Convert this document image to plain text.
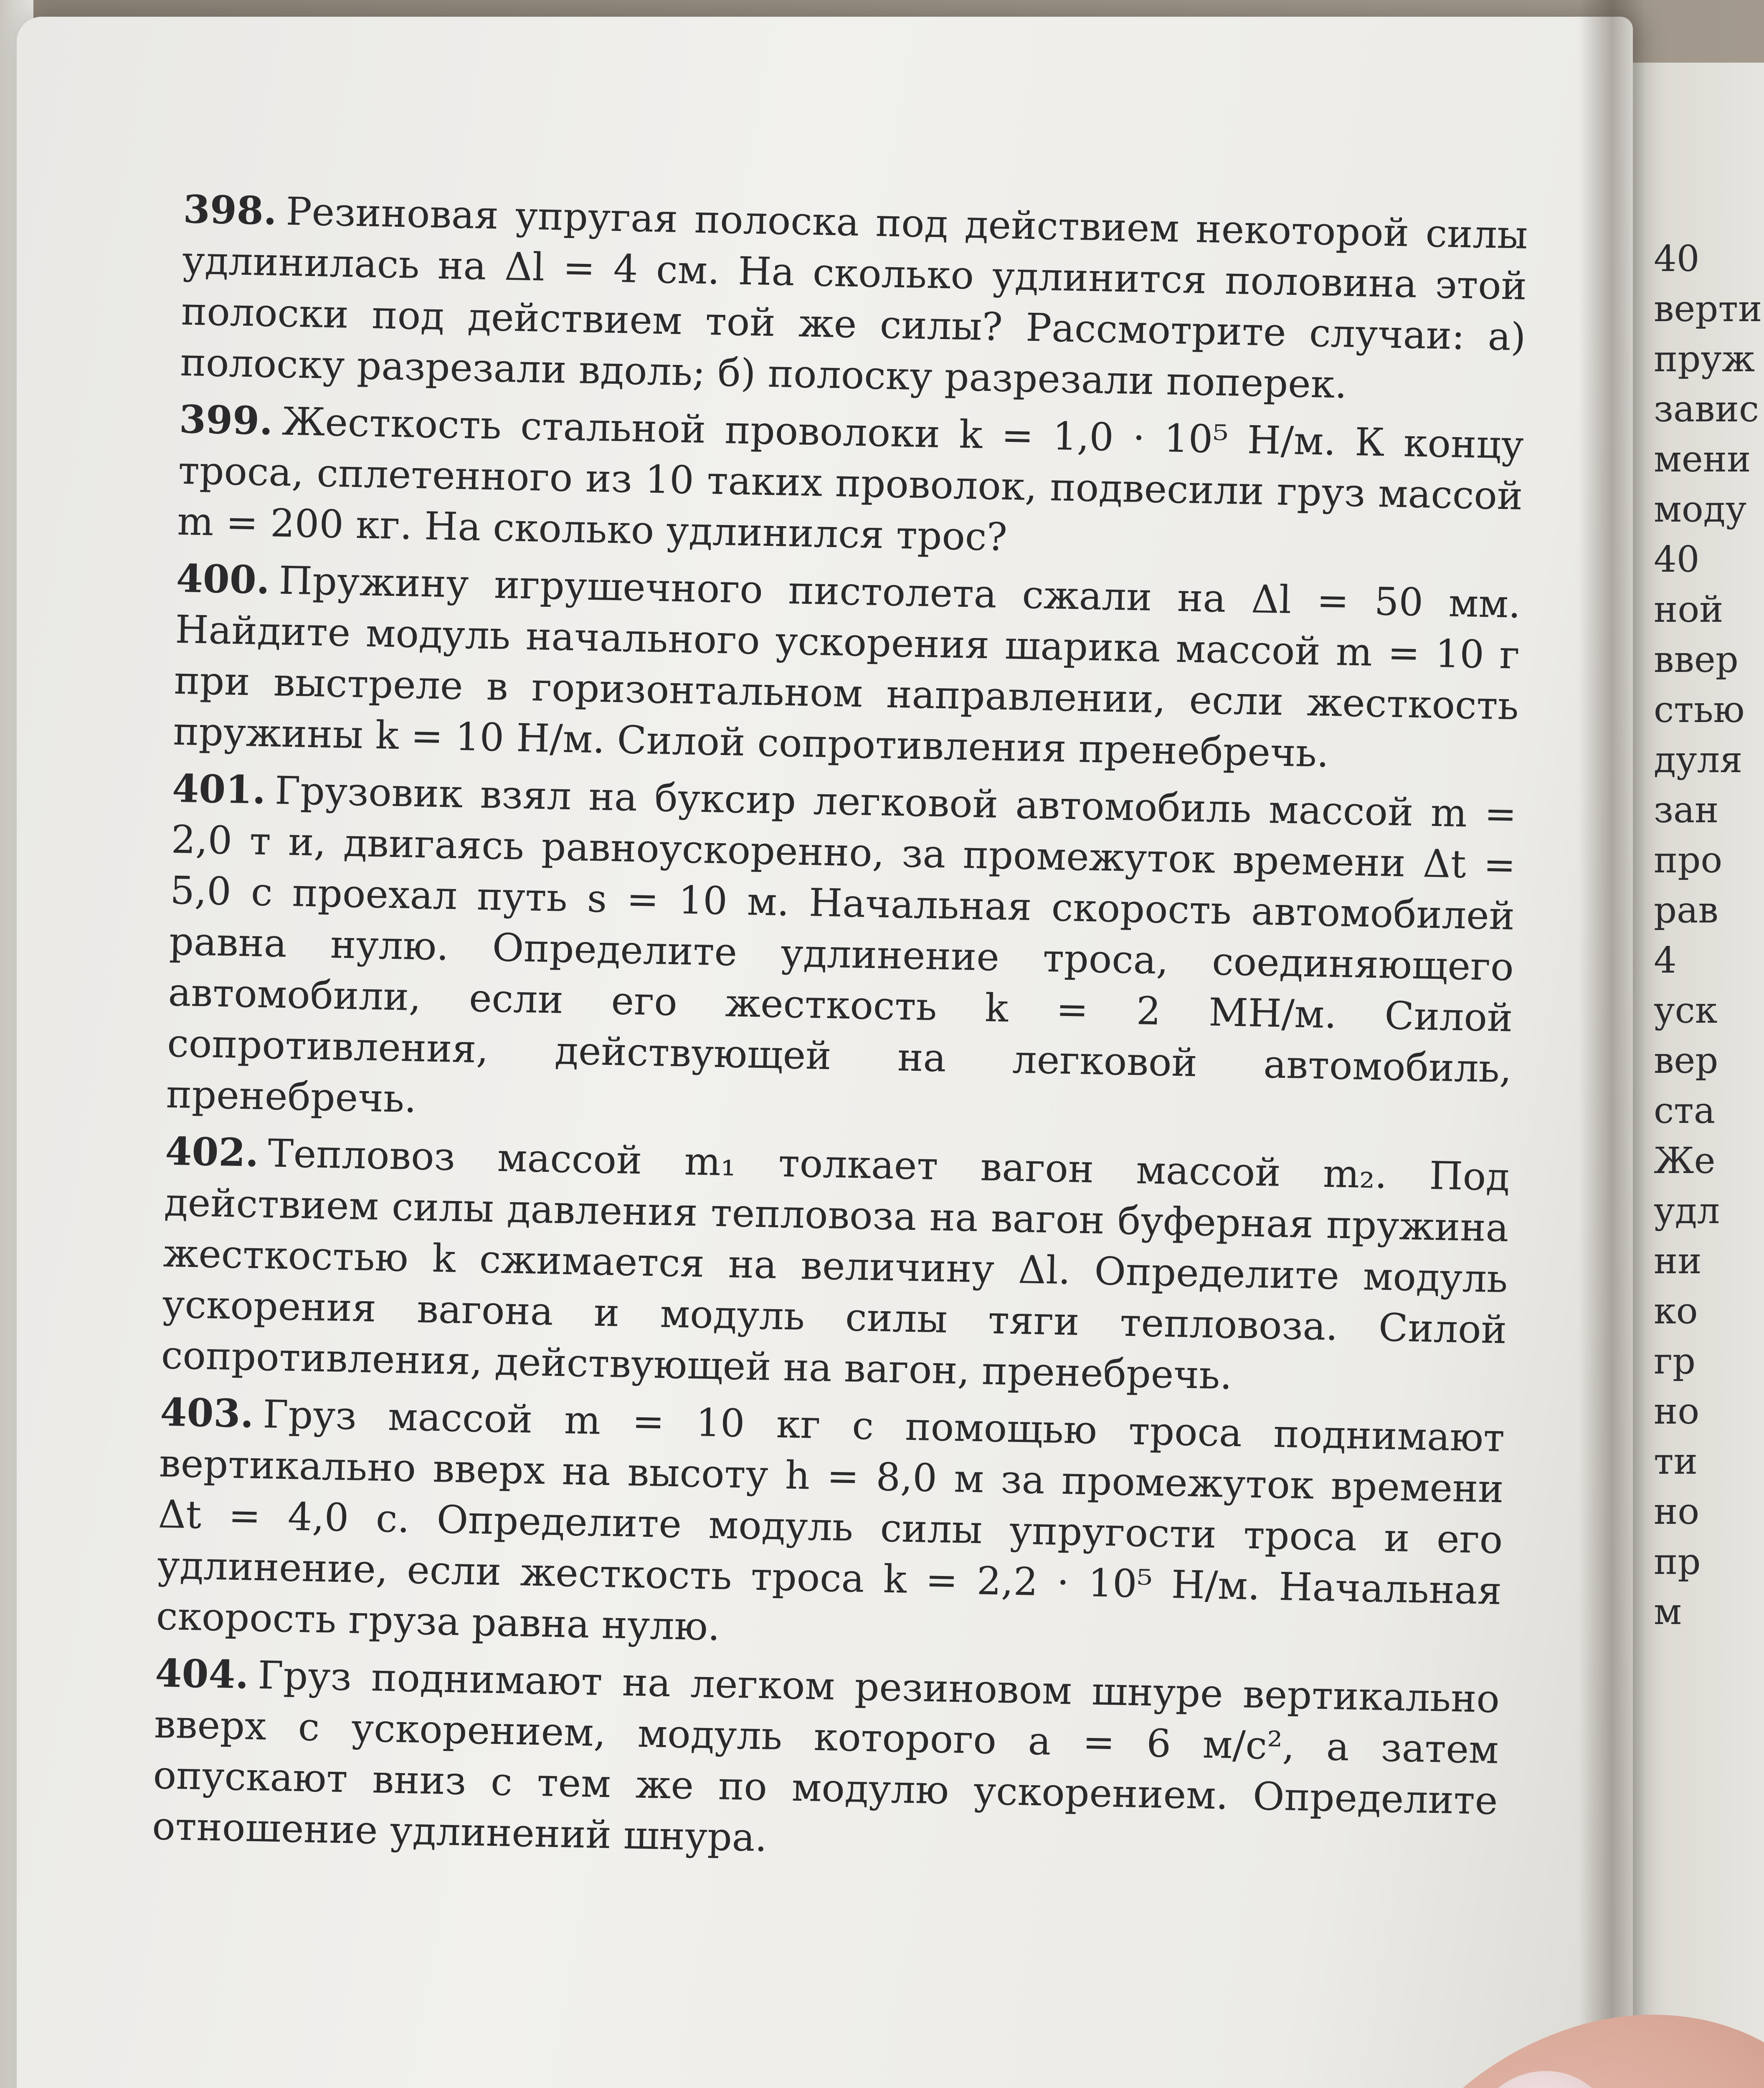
40
верти
пруж
завис
мени
моду
40
ной
ввер
стью
дуля
зан
про
рав
4
уск
вер
ста
Же
удл
ни
ко
гр
но
ти
но
пр
м

398. Резиновая упругая полоска под действием некоторой силы удлинилась на Δl = 4 см. На сколько удлинится половина этой полоски под действием той же силы? Рассмотрите случаи: а) полоску разрезали вдоль; б) полоску разрезали поперек.

399. Жесткость стальной проволоки k = 1,0 · 10⁵ Н/м. К концу троса, сплетенного из 10 таких проволок, подвесили груз массой m = 200 кг. На сколько удлинился трос?

400. Пружину игрушечного пистолета сжали на Δl = 50 мм. Найдите модуль начального ускорения шарика массой m = 10 г при выстреле в горизонтальном направлении, если жесткость пружины k = 10 Н/м. Силой сопротивления пренебречь.

401. Грузовик взял на буксир легковой автомобиль массой m = 2,0 т и, двигаясь равноускоренно, за промежуток времени Δt = 5,0 с проехал путь s = 10 м. Начальная скорость автомобилей равна нулю. Определите удлинение троса, соединяющего автомобили, если его жесткость k = 2 МН/м. Силой сопротивления, действующей на легковой автомобиль, пренебречь.

402. Тепловоз массой m₁ толкает вагон массой m₂. Под действием силы давления тепловоза на вагон буферная пружина жесткостью k сжимается на величину Δl. Определите модуль ускорения вагона и модуль силы тяги тепловоза. Силой сопротивления, действующей на вагон, пренебречь.

403. Груз массой m = 10 кг с помощью троса поднимают вертикально вверх на высоту h = 8,0 м за промежуток времени Δt = 4,0 с. Определите модуль силы упругости троса и его удлинение, если жесткость троса k = 2,2 · 10⁵ Н/м. Начальная скорость груза равна нулю.

404. Груз поднимают на легком резиновом шнуре вертикально вверх с ускорением, модуль которого a = 6 м/с², а затем опускают вниз с тем же по модулю ускорением. Определите отношение удлинений шнура.
